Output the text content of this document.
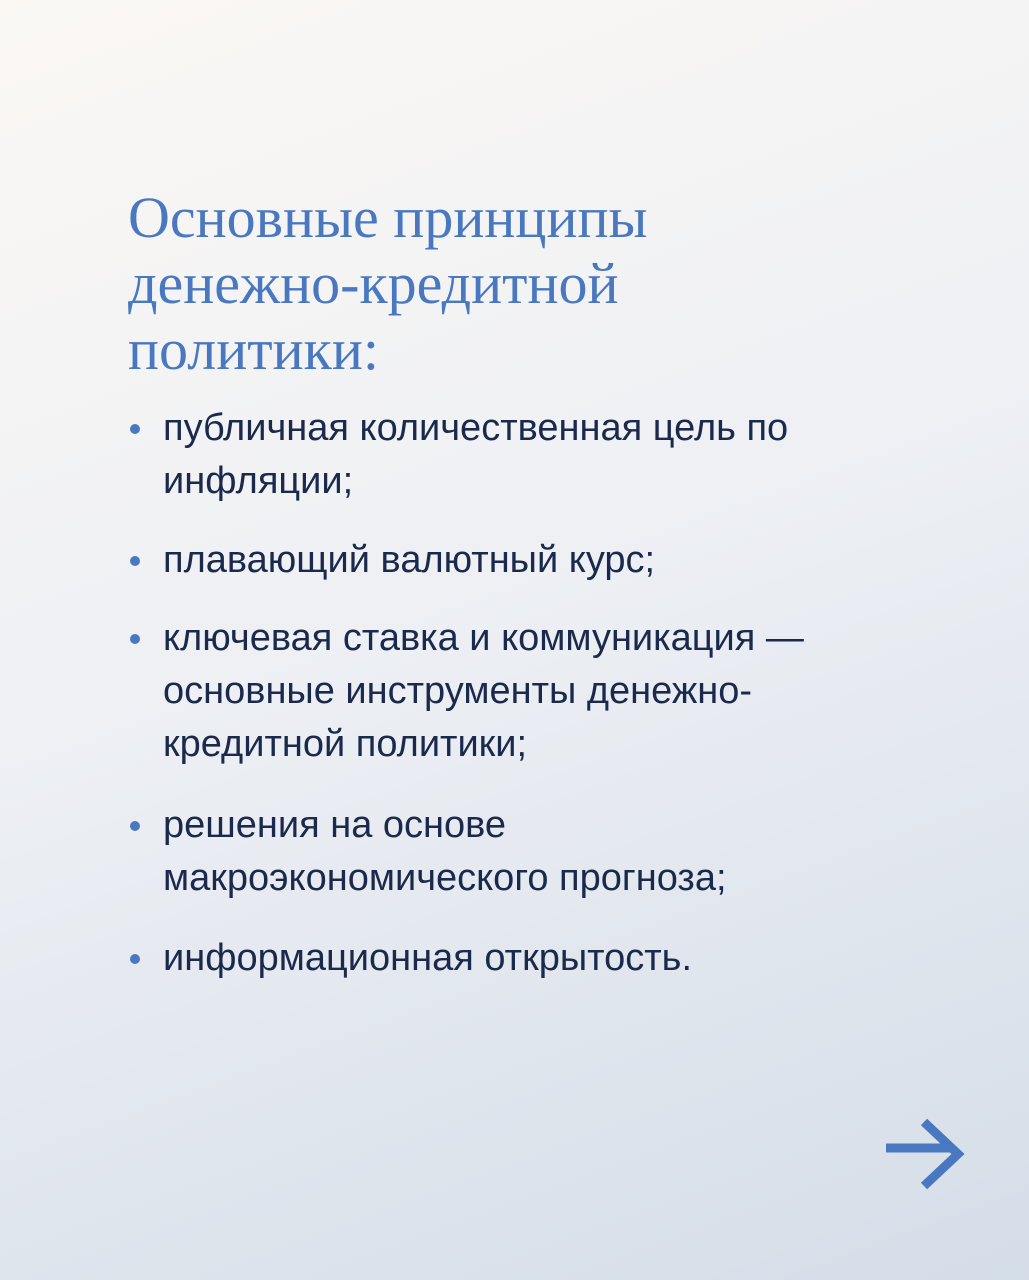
Основные принципы денежно-кредитной политики:
публичная количественная цель по инфляции;
плавающий валютный курс;
ключевая ставка и коммуникация — основные инструменты денежно-кредитной политики;
решения на основе макроэкономического прогноза;
информационная открытость.
